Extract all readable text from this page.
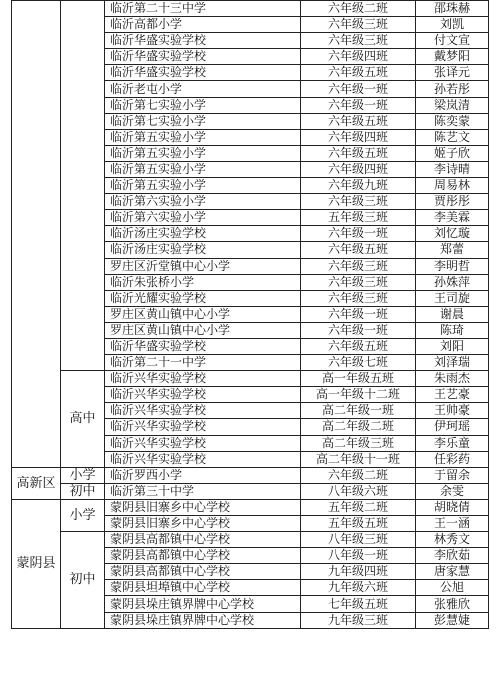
		临沂第二十三中学	六年级二班	邵珠赫
		临沂高都小学	六年级三班	刘凯
		临沂华盛实验学校	六年级三班	付文宣
		临沂华盛实验学校	六年级四班	戴梦阳
		临沂华盛实验学校	六年级五班	张译元
		临沂老屯小学	六年级一班	孙若彤
		临沂第七实验小学	六年级一班	梁岚清
		临沂第七实验小学	六年级五班	陈奕蒙
		临沂第五实验小学	六年级四班	陈艺文
		临沂第五实验小学	六年级五班	姬子欣
		临沂第五实验小学	六年级四班	李诗晴
		临沂第五实验小学	六年级九班	周易林
		临沂第六实验小学	六年级三班	贾彤彤
		临沂第六实验小学	五年级三班	李美霖
		临沂汤庄实验学校	六年级一班	刘忆璇
		临沂汤庄实验学校	六年级五班	郑蕾
		罗庄区沂堂镇中心小学	六年级三班	李明哲
		临沂朱张桥小学	六年级三班	孙姝萍
		临沂光耀实验学校	六年级三班	王司旋
		罗庄区黄山镇中心小学	六年级一班	谢晨
		罗庄区黄山镇中心小学	六年级一班	陈琦
		临沂华盛实验学校	六年级五班	刘阳
		临沂第二十一中学	六年级七班	刘泽瑞
	高中	临沂兴华实验学校	高一年级五班	朱雨杰
		临沂兴华实验学校	高一年级十二班	王艺豪
		临沂兴华实验学校	高二年级一班	王帅豪
		临沂兴华实验学校	高二年级二班	伊珂瑶
		临沂兴华实验学校	高二年级三班	李乐童
		临沂兴华实验学校	高二年级十一班	任彩药
高新区	小学	临沂罗西小学	六年级二班	于留余
	初中	临沂第三十中学	八年级六班	余雯
蒙阴县	小学	蒙阴县旧寨乡中心学校	五年级二班	胡晓倩
		蒙阴县旧寨乡中心学校	五年级五班	王一涵
	初中	蒙阴县高都镇中心学校	八年级三班	林秀文
		蒙阴县高都镇中心学校	八年级一班	李欣茹
		蒙阴县高都镇中心学校	九年级四班	唐家慧
		蒙阴县坦埠镇中心学校	九年级六班	公旭
		蒙阴县垛庄镇界牌中心学校	七年级五班	张雅欣
		蒙阴县垛庄镇界牌中心学校	九年级三班	彭慧婕
